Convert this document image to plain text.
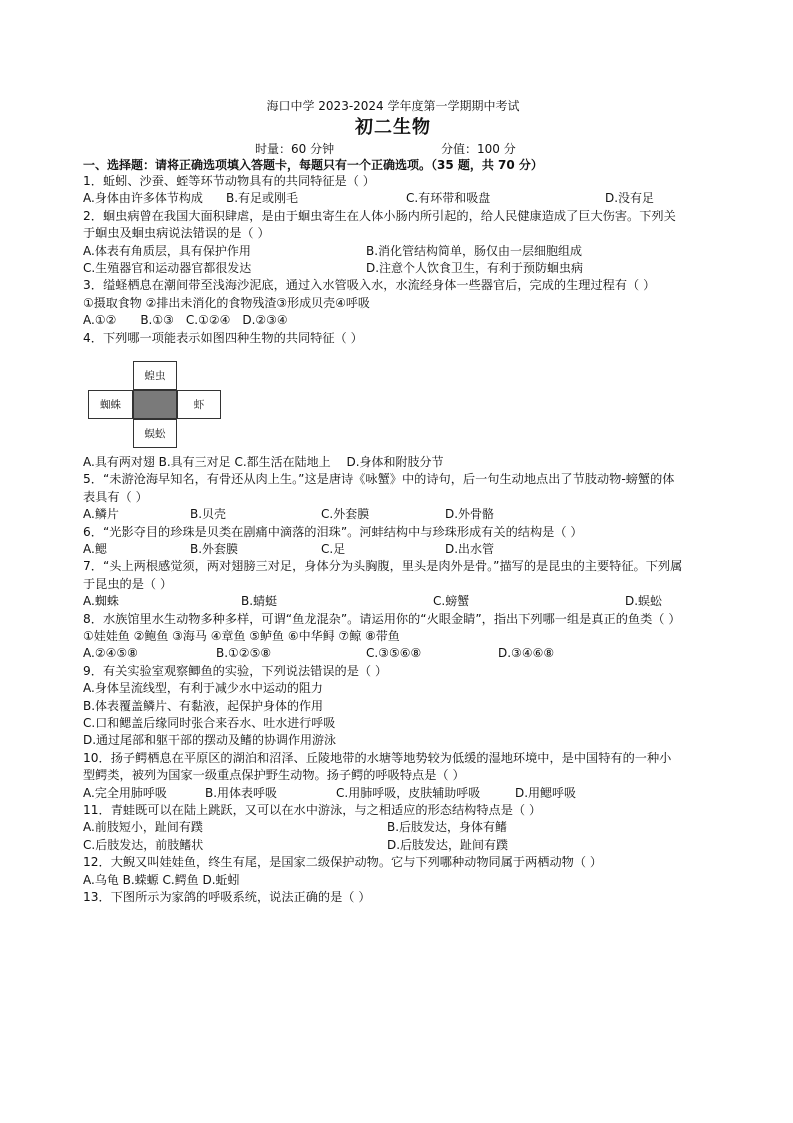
海口中学 2023-2024 学年度第一学期期中考试
初二生物
时量：60 分钟	分值：100 分
一、选择题：请将正确选项填入答题卡，每题只有一个正确选项。（35 题，共 70 分）
1．蚯蚓、沙蚕、蛭等环节动物具有的共同特征是（ ）
A.身体由许多体节构成 B.有足或刚毛	C.有环带和吸盘	D.没有足
2．蛔虫病曾在我国大面积肆虐，是由于蛔虫寄生在人体小肠内所引起的，给人民健康造成了巨大伤害。下列关于蛔虫及蛔虫病说法错误的是（ ）
A.体表有角质层，具有保护作用	B.消化管结构简单，肠仅由一层细胞组成
C.生殖器官和运动器官都很发达	D.注意个人饮食卫生，有利于预防蛔虫病
3．缢蛏栖息在潮间带至浅海沙泥底，通过入水管吸入水，水流经身体一些器官后，完成的生理过程有（ ）
①摄取食物 ②排出未消化的食物残渣③形成贝壳④呼吸
A.①②　　B.①③　C.①②④　D.②③④
4．下列哪一项能表示如图四种生物的共同特征（ ）
蝗虫
蜘蛛	虾
蜈蚣
A.具有两对翅 B.具有三对足 C.都生活在陆地上　 D.身体和附肢分节
5．“未游沧海早知名，有骨还从肉上生。”这是唐诗《咏蟹》中的诗句，后一句生动地点出了节肢动物-螃蟹的体表具有（ ）
A.鳞片	B.贝壳	C.外套膜	D.外骨骼
6．“光影夺目的珍珠是贝类在剧痛中滴落的泪珠”。河蚌结构中与珍珠形成有关的结构是（ ）
A.鳃	B.外套膜	C.足	D.出水管
7．“头上两根感觉须，两对翅膀三对足，身体分为头胸腹，里头是肉外是骨。”描写的是昆虫的主要特征。下列属于昆虫的是（ ）
A.蜘蛛	B.蜻蜓	C.螃蟹	D.蜈蚣
8．水族馆里水生动物多种多样，可谓“鱼龙混杂”。请运用你的“火眼金睛”，指出下列哪一组是真正的鱼类（ ）
①娃娃鱼 ②鲍鱼 ③海马 ④章鱼 ⑤鲈鱼 ⑥中华鲟 ⑦鲸 ⑧带鱼
A.②④⑤⑧	B.①②⑤⑧	C.③⑤⑥⑧	D.③④⑥⑧
9．有关实验室观察鲫鱼的实验，下列说法错误的是（ ）
A.身体呈流线型，有利于减少水中运动的阻力
B.体表覆盖鳞片、有黏液，起保护身体的作用
C.口和鳃盖后缘同时张合来吞水、吐水进行呼吸
D.通过尾部和躯干部的摆动及鳍的协调作用游泳
10．扬子鳄栖息在平原区的湖泊和沼泽、丘陵地带的水塘等地势较为低缓的湿地环境中，是中国特有的一种小型鳄类，被列为国家一级重点保护野生动物。扬子鳄的呼吸特点是（ ）
A.完全用肺呼吸	B.用体表呼吸	C.用肺呼吸，皮肤辅助呼吸	D.用鳃呼吸
11．青蛙既可以在陆上跳跃，又可以在水中游泳，与之相适应的形态结构特点是（ ）
A.前肢短小，趾间有蹼	B.后肢发达，身体有鳍
C.后肢发达，前肢鳍状	D.后肢发达，趾间有蹼
12．大鲵又叫娃娃鱼，终生有尾，是国家二级保护动物。它与下列哪种动物同属于两栖动物（ ）
A.乌龟 B.蝾螈 C.鳄鱼 D.蚯蚓
13．下图所示为家鸽的呼吸系统，说法正确的是（ ）
